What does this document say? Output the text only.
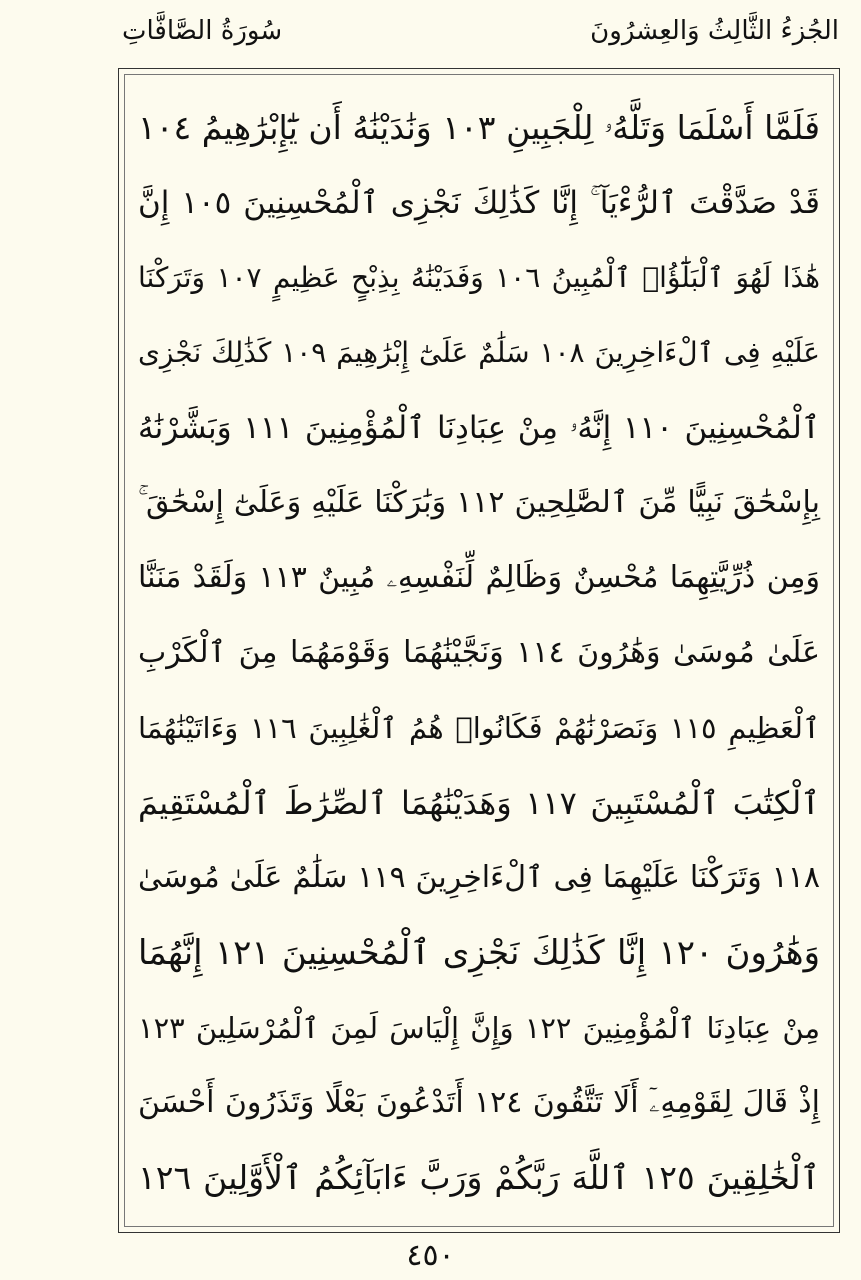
سُورَةُ الصَّافَّاتِ	الجُزءُ الثَّالِثُ وَالعِشرُونَ
فَلَمَّا أَسْلَمَا وَتَلَّهُۥ لِلْجَبِينِ ١٠٣ وَنَٰدَيْنَٰهُ أَن يَٰٓإِبْرَٰهِيمُ ١٠٤
قَدْ صَدَّقْتَ ٱلرُّءْيَآ ۚ إِنَّا كَذَٰلِكَ نَجْزِى ٱلْمُحْسِنِينَ ١٠٥ إِنَّ
هَٰذَا لَهُوَ ٱلْبَلَٰٓؤُا۟ ٱلْمُبِينُ ١٠٦ وَفَدَيْنَٰهُ بِذِبْحٍ عَظِيمٍ ١٠٧ وَتَرَكْنَا
عَلَيْهِ فِى ٱلْءَاخِرِينَ ١٠٨ سَلَٰمٌ عَلَىٰٓ إِبْرَٰهِيمَ ١٠٩ كَذَٰلِكَ نَجْزِى
ٱلْمُحْسِنِينَ ١١٠ إِنَّهُۥ مِنْ عِبَادِنَا ٱلْمُؤْمِنِينَ ١١١ وَبَشَّرْنَٰهُ
بِإِسْحَٰقَ نَبِيًّا مِّنَ ٱلصَّٰلِحِينَ ١١٢ وَبَٰرَكْنَا عَلَيْهِ وَعَلَىٰٓ إِسْحَٰقَ ۚ
وَمِن ذُرِّيَّتِهِمَا مُحْسِنٌ وَظَالِمٌ لِّنَفْسِهِۦ مُبِينٌ ١١٣ وَلَقَدْ مَنَنَّا
عَلَىٰ مُوسَىٰ وَهَٰرُونَ ١١٤ وَنَجَّيْنَٰهُمَا وَقَوْمَهُمَا مِنَ ٱلْكَرْبِ
ٱلْعَظِيمِ ١١٥ وَنَصَرْنَٰهُمْ فَكَانُوا۟ هُمُ ٱلْغَٰلِبِينَ ١١٦ وَءَاتَيْنَٰهُمَا
ٱلْكِتَٰبَ ٱلْمُسْتَبِينَ ١١٧ وَهَدَيْنَٰهُمَا ٱلصِّرَٰطَ ٱلْمُسْتَقِيمَ
١١٨ وَتَرَكْنَا عَلَيْهِمَا فِى ٱلْءَاخِرِينَ ١١٩ سَلَٰمٌ عَلَىٰ مُوسَىٰ
وَهَٰرُونَ ١٢٠ إِنَّا كَذَٰلِكَ نَجْزِى ٱلْمُحْسِنِينَ ١٢١ إِنَّهُمَا
مِنْ عِبَادِنَا ٱلْمُؤْمِنِينَ ١٢٢ وَإِنَّ إِلْيَاسَ لَمِنَ ٱلْمُرْسَلِينَ ١٢٣
إِذْ قَالَ لِقَوْمِهِۦٓ أَلَا تَتَّقُونَ ١٢٤ أَتَدْعُونَ بَعْلًا وَتَذَرُونَ أَحْسَنَ
ٱلْخَٰلِقِينَ ١٢٥ ٱللَّهَ رَبَّكُمْ وَرَبَّ ءَابَآئِكُمُ ٱلْأَوَّلِينَ ١٢٦
٤٥٠
